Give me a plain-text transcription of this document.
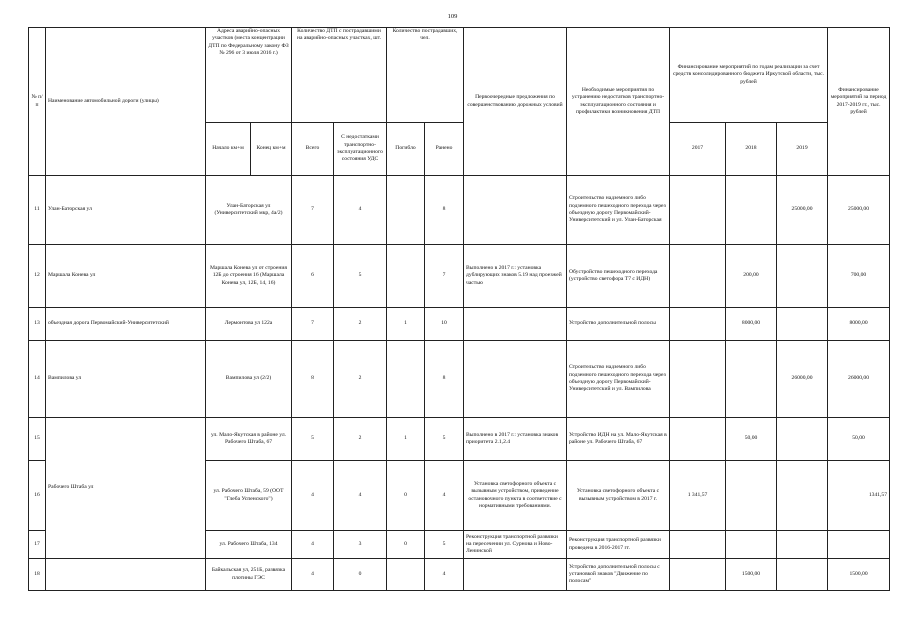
109
№ п/п	Наименование автомобильной дороги (улицы)	Адреса аварийно-опасных участков (места концентрации ДТП по Федеральному закону ФЗ № 296 от 3 июля 2016 г.)		Количество ДТП с пострадавшими на аварийно-опасных участках, шт.		Количество пострадавших, чел.		Первоочередные предложения по совершенствованию дорожных условий	Необходимые мероприятия по устранению недостатков транспортно-эксплуатационного состояния и профилактики возникновения ДТП	Финансирование мероприятий по годам реализации за счет средств консолидированного бюджета Иркутской области, тыс. рублей			Финансирование мероприятий за период 2017-2019 гг., тыс. рублей
		Начало км+м	Конец км+м	Всего	С недостатками транспортно-эксплуатационного состояния УДС	Погибло	Ранено			2017	2018	2019	
11	Улан-Баторская ул	Улан-Баторская ул (Университетский мкр, 4а/2)		7	4		8		Строительство надземного либо подземного пешеходного перехода через объездную дорогу Первомайский-Университетский и ул. Улан-Баторская			25000,00	25000,00
12	Маршала Конева ул	Маршала Конева ул от строения 12Б до строения 16 (Маршала Конева ул, 12Б, 14, 16)		6	5		7	Выполнено в 2017 г.: установка дублирующих знаков 5.19 над проезжей частью	Обустройство пешеходного перехода (устройство светофора Т7 с ИДН)		200,00		700,00
13	объездная дорога Первомайский-Университетский	Лермонтова ул 122а		7	2	1	10		Устройство дополнительной полосы		8000,00		8000,00
14	Вампилова ул	Вампилова ул (2/2)		8	2		8		Строительство надземного либо подземного пешеходного перехода через объездную дорогу Первомайский-Университетский и ул. Вампилова			26000,00	26000,00
15	Рабочего Штаба ул	ул. Мало-Якутская в районе ул. Рабочего Штаба, 67		5	2	1	5	Выполнено в 2017 г.: установка знаков приоритета 2.1,2.4	Устройство ИДН на ул. Мало-Якутская в районе ул. Рабочего Штаба, 67		50,00		50,00
16		ул. Рабочего Штаба, 59 (ООТ "Глеба Успенского")		4	4	0	4	Установка светофорного объекта с вызывным устройством, приведение остановочного пункта в соответствие с нормативными требованиями.	Установка светофорного объекта с вызывным устройством в 2017 г.	1 341,57			1341,57
17		ул. Рабочего Штаба, 134		4	3	0	5	Реконструкция транспортной развязки на пересечении ул. Сурнова и Ново-Ленинской	Реконструкция транспортной развязки проведена в 2016-2017 гг.				
18		Байкальская ул, 251Б, развязка плотины ГЭС		4	0		4		Устройство дополнительной полосы с установкой знаков "Движение по полосам"		1500,00		1500,00
